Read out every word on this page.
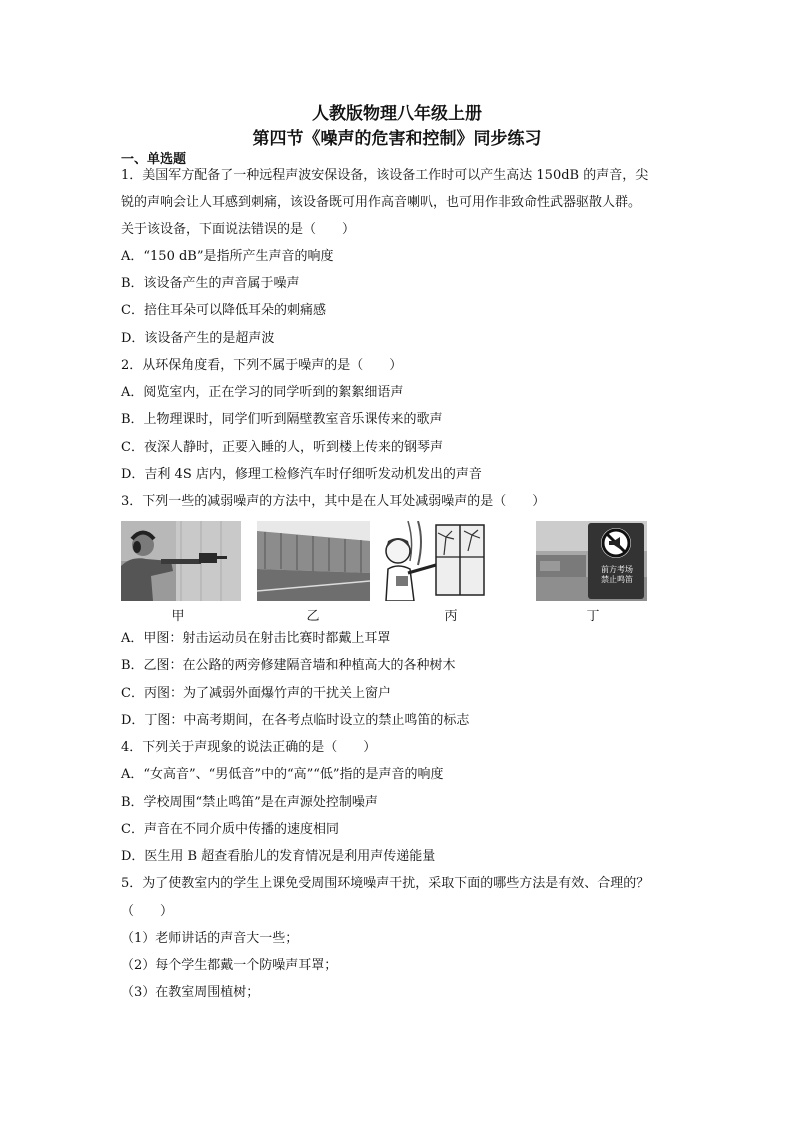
人教版物理八年级上册
第四节《噪声的危害和控制》同步练习
一、单选题
1．美国军方配备了一种远程声波安保设备，该设备工作时可以产生高达 150dB 的声音，尖
锐的声响会让人耳感到刺痛，该设备既可用作高音喇叭，也可用作非致命性武器驱散人群。
关于该设备，下面说法错误的是（　　）
A．“150 dB”是指所产生声音的响度
B．该设备产生的声音属于噪声
C．掊住耳朵可以降低耳朵的刺痛感
D．该设备产生的是超声波
2．从环保角度看，下列不属于噪声的是（　　）
A．阅览室内，正在学习的同学听到的絮絮细语声
B．上物理课时，同学们听到隔壁教室音乐课传来的歌声
C．夜深人静时，正要入睡的人，听到楼上传来的钢琴声
D．吉利 4S 店内，修理工检修汽车时仔细听发动机发出的声音
3．下列一些的减弱噪声的方法中，其中是在人耳处减弱噪声的是（　　）
前方考场
禁止鸣笛
甲	乙	丙	丁
A．甲图：射击运动员在射击比赛时都戴上耳罩
B．乙图：在公路的两旁修建隔音墙和种植高大的各种树木
C．丙图：为了减弱外面爆竹声的干扰关上窗户
D．丁图：中高考期间，在各考点临时设立的禁止鸣笛的标志
4．下列关于声现象的说法正确的是（　　）
A．“女高音”、“男低音”中的“高”“低”指的是声音的响度
B．学校周围“禁止鸣笛”是在声源处控制噪声
C．声音在不同介质中传播的速度相同
D．医生用 B 超查看胎儿的发育情况是利用声传递能量
5．为了使教室内的学生上课免受周围环境噪声干扰，采取下面的哪些方法是有效、合理的？
（　　）
（1）老师讲话的声音大一些；
（2）每个学生都戴一个防噪声耳罩；
（3）在教室周围植树；
